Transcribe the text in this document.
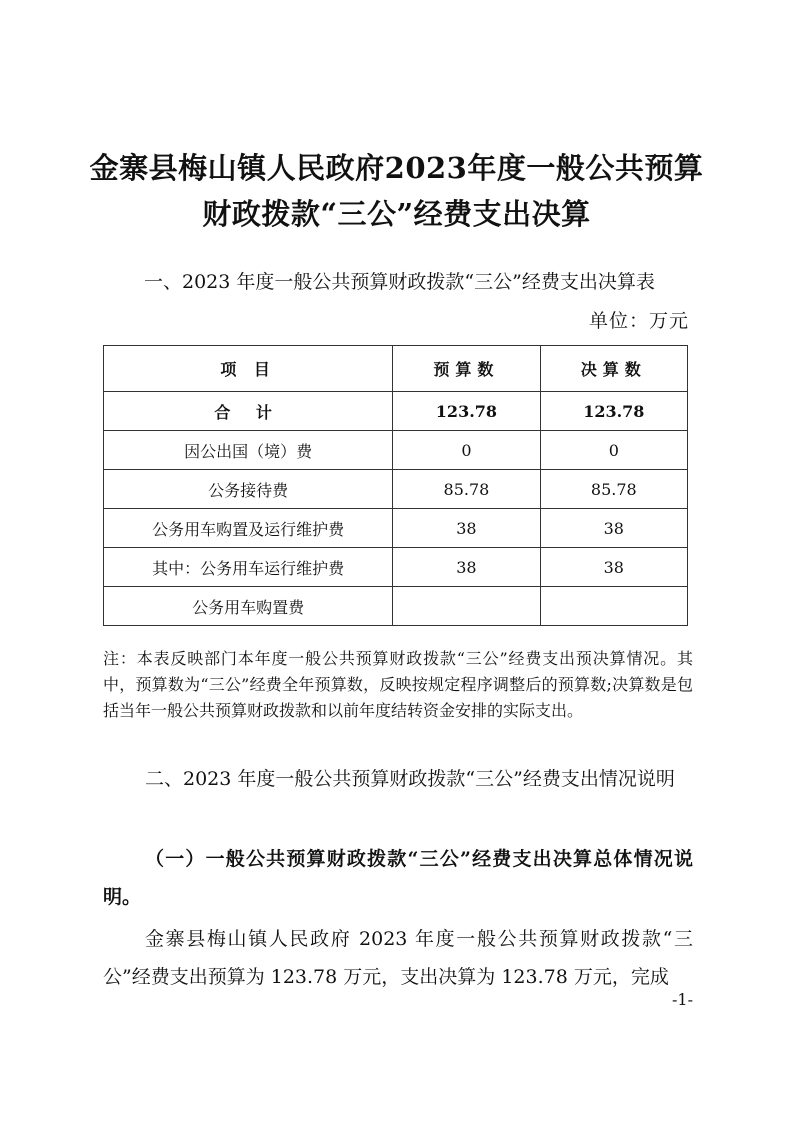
金寨县梅山镇人民政府2023年度一般公共预算
财政拨款“三公”经费支出决算
一、2023 年度一般公共预算财政拨款“三公”经费支出决算表
单位：万元
项 目	预算数	决算数
合 计	123.78	123.78
因公出国（境）费	0	0
公务接待费	85.78	85.78
公务用车购置及运行维护费	38	38
其中：公务用车运行维护费	38	38
公务用车购置费		
注：本表反映部门本年度一般公共预算财政拨款“三公”经费支出预决算情况。其中，预算数为“三公”经费全年预算数，反映按规定程序调整后的预算数;决算数是包括当年一般公共预算财政拨款和以前年度结转资金安排的实际支出。
二、2023 年度一般公共预算财政拨款“三公”经费支出情况说明
（一）一般公共预算财政拨款“三公”经费支出决算总体情况说明。
金寨县梅山镇人民政府 2023 年度一般公共预算财政拨款“三公”经费支出预算为 123.78 万元，支出决算为 123.78 万元，完成
-1-
